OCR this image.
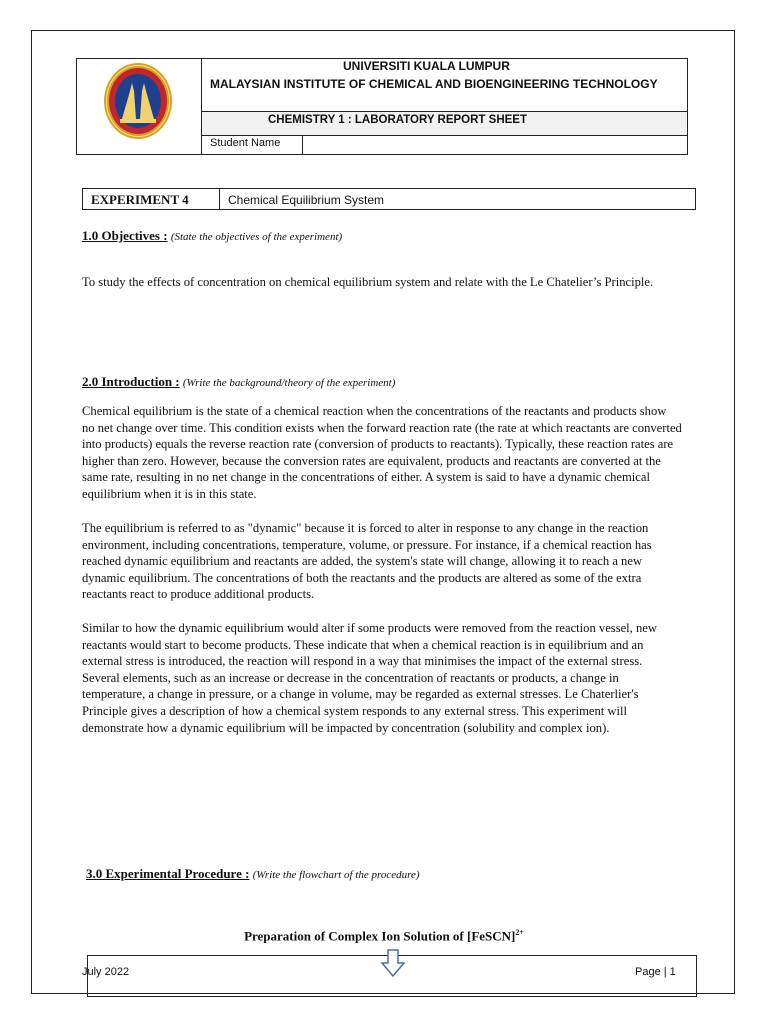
UNIVERSITI KUALA LUMPUR
MALAYSIAN INSTITUTE OF CHEMICAL AND BIOENGINEERING TECHNOLOGY
CHEMISTRY 1 : LABORATORY REPORT SHEET
Student Name
EXPERIMENT 4	Chemical Equilibrium System
1.0 Objectives : (State the objectives of the experiment)

To study the effects of concentration on chemical equilibrium system and relate with the Le Chatelier’s Principle.

2.0 Introduction : (Write the background/theory of the experiment)

Chemical equilibrium is the state of a chemical reaction when the concentrations of the reactants and products show no net change over time. This condition exists when the forward reaction rate (the rate at which reactants are converted into products) equals the reverse reaction rate (conversion of products to reactants). Typically, these reaction rates are higher than zero. However, because the conversion rates are equivalent, products and reactants are converted at the same rate, resulting in no net change in the concentrations of either. A system is said to have a dynamic chemical equilibrium when it is in this state.

The equilibrium is referred to as "dynamic" because it is forced to alter in response to any change in the reaction environment, including concentrations, temperature, volume, or pressure. For instance, if a chemical reaction has reached dynamic equilibrium and reactants are added, the system's state will change, allowing it to reach a new dynamic equilibrium. The concentrations of both the reactants and the products are altered as some of the extra reactants react to produce additional products.

Similar to how the dynamic equilibrium would alter if some products were removed from the reaction vessel, new reactants would start to become products. These indicate that when a chemical reaction is in equilibrium and an external stress is introduced, the reaction will respond in a way that minimises the impact of the external stress. Several elements, such as an increase or decrease in the concentration of reactants or products, a change in temperature, a change in pressure, or a change in volume, may be regarded as external stresses. Le Chaterlier's Principle gives a description of how a chemical system responds to any external stress. This experiment will demonstrate how a dynamic equilibrium will be impacted by concentration (solubility and complex ion).

3.0 Experimental Procedure : (Write the flowchart of the procedure)
Preparation of Complex Ion Solution of [FeSCN]$^{2+}$
July 2022	Page | 1
